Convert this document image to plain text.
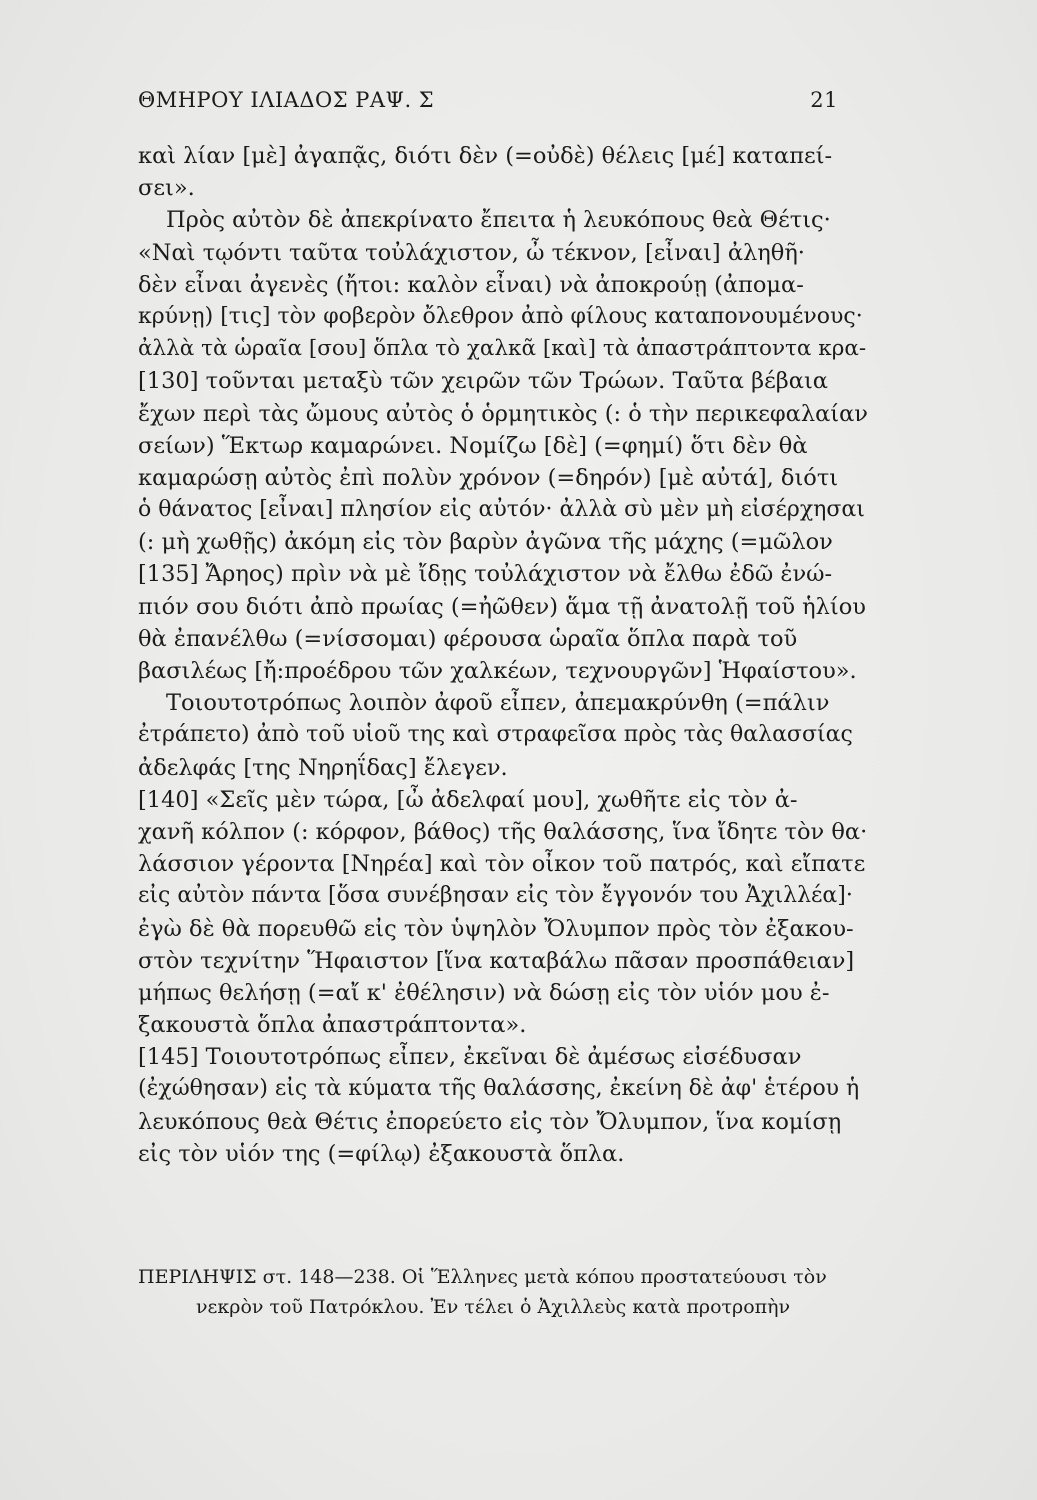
ΘΜΗΡΟΥ ΙΛΙΑΔΟΣ ΡΑΨ. Σ	21
καὶ λίαν [μὲ] ἀγαπᾷς, διότι δὲν (=οὐδὲ) θέλεις [μέ] καταπεί-
σει».
Πρὸς αὐτὸν δὲ ἀπεκρίνατο ἔπειτα ἡ λευκόπους θεὰ Θέτις·
«Ναὶ τῳόντι ταῦτα τοὐλάχιστον, ὦ τέκνον, [εἶναι] ἀληθῆ·
δὲν εἶναι ἀγενὲς (ἤτοι: καλὸν εἶναι) νὰ ἀποκρούῃ (ἀπομα-
κρύνῃ) [τις] τὸν φοβερὸν ὄλεθρον ἀπὸ φίλους καταπονουμένους·
ἀλλὰ τὰ ὡραῖα [σου] ὅπλα τὸ χαλκᾶ [καὶ] τὰ ἀπαστράπτοντα κρα-
[130] τοῦνται μεταξὺ τῶν χειρῶν τῶν Τρώων. Ταῦτα βέβαια
ἔχων περὶ τὰς ὤμους αὐτὸς ὁ ὁρμητικὸς (: ὁ τὴν περικεφαλαίαν
σείων) Ἕκτωρ καμαρώνει. Νομίζω [δὲ] (=φημί) ὅτι δὲν θὰ
καμαρώσῃ αὐτὸς ἐπὶ πολὺν χρόνον (=δηρόν) [μὲ αὐτά], διότι
ὁ θάνατος [εἶναι] πλησίον εἰς αὐτόν· ἀλλὰ σὺ μὲν μὴ εἰσέρχησαι
(: μὴ χωθῇς) ἀκόμη εἰς τὸν βαρὺν ἀγῶνα τῆς μάχης (=μῶλον
[135] Ἄρηος) πρὶν νὰ μὲ ἴδῃς τοὐλάχιστον νὰ ἔλθω ἐδῶ ἐνώ-
πιόν σου διότι ἀπὸ πρωίας (=ἠῶθεν) ἅμα τῇ ἀνατολῇ τοῦ ἡλίου
θὰ ἐπανέλθω (=νίσσομαι) φέρουσα ὡραῖα ὅπλα παρὰ τοῦ
βασιλέως [ἤ:προέδρου τῶν χαλκέων, τεχνουργῶν] Ἡφαίστου».
Τοιουτοτρόπως λοιπὸν ἀφοῦ εἶπεν, ἀπεμακρύνθη (=πάλιν
ἐτράπετο) ἀπὸ τοῦ υἱοῦ της καὶ στραφεῖσα πρὸς τὰς θαλασσίας
ἀδελφάς [της Νηρηΐδας] ἔλεγεν.
[140] «Σεῖς μὲν τώρα, [ὦ ἀδελφαί μου], χωθῆτε εἰς τὸν ἀ-
χανῆ κόλπον (: κόρφον, βάθος) τῆς θαλάσσης, ἵνα ἴδητε τὸν θα·
λάσσιον γέροντα [Νηρέα] καὶ τὸν οἶκον τοῦ πατρός, καὶ εἴπατε
εἰς αὐτὸν πάντα [ὅσα συνέβησαν εἰς τὸν ἔγγονόν του Ἀχιλλέα]·
ἐγὼ δὲ θὰ πορευθῶ εἰς τὸν ὑψηλὸν Ὄλυμπον πρὸς τὸν ἐξακου-
στὸν τεχνίτην Ἥφαιστον [ἵνα καταβάλω πᾶσαν προσπάθειαν]
μήπως θελήσῃ (=αἴ κ' ἐθέλησιν) νὰ δώσῃ εἰς τὸν υἱόν μου ἐ-
ξακουστὰ ὅπλα ἀπαστράπτοντα».
[145] Τοιουτοτρόπως εἶπεν, ἐκεῖναι δὲ ἀμέσως εἰσέδυσαν
(ἐχώθησαν) εἰς τὰ κύματα τῆς θαλάσσης, ἐκείνη δὲ ἀφ' ἑτέρου ἡ
λευκόπους θεὰ Θέτις ἐπορεύετο εἰς τὸν Ὄλυμπον, ἵνα κομίσῃ
εἰς τὸν υἱόν της (=φίλῳ) ἐξακουστὰ ὅπλα.
ΠΕΡΙΛΗΨΙΣ στ. 148—238. Οἱ Ἕλληνες μετὰ κόπου προστατεύουσι τὸν
νεκρὸν τοῦ Πατρόκλου. Ἐν τέλει ὁ Ἀχιλλεὺς κατὰ προτροπὴν
